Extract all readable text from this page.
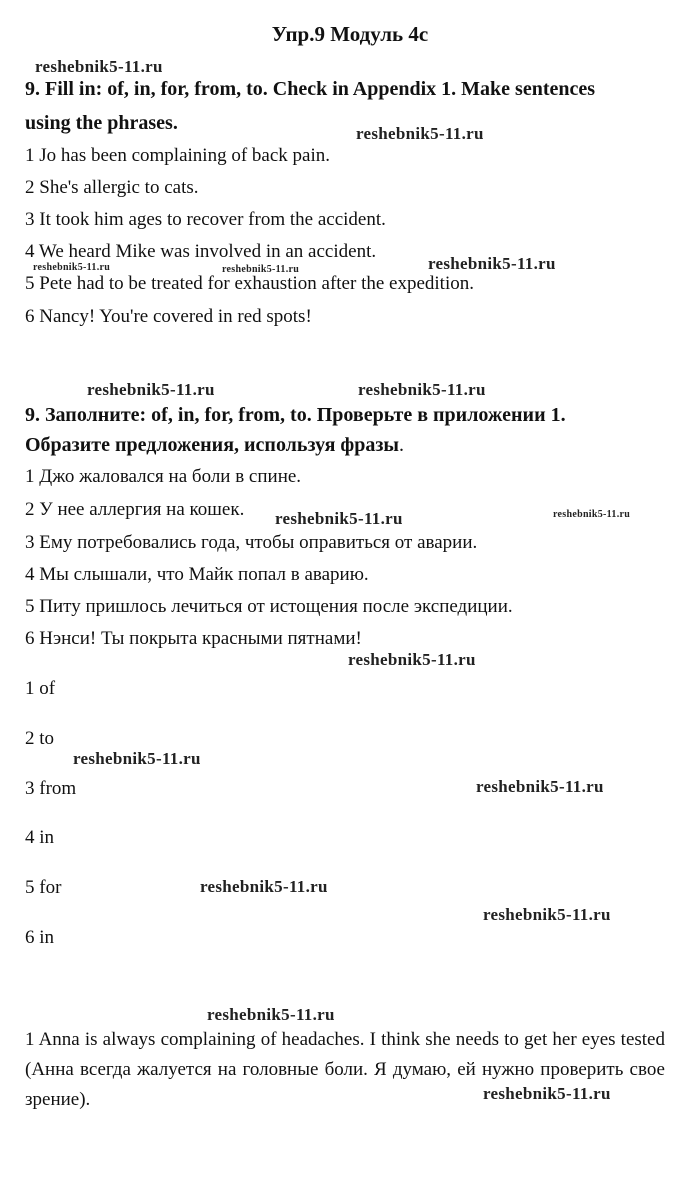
Упр.9 Модуль 4c
9. Fill in: of, in, for, from, to. Check in Appendix 1. Make sentences
using the phrases.
1 Jo has been complaining of back pain.
2 She's allergic to cats.
3 It took him ages to recover from the accident.
4 We heard Mike was involved in an accident.
5 Pete had to be treated for exhaustion after the expedition.
6 Nancy! You're covered in red spots!
9. Заполните: of, in, for, from, to. Проверьте в приложении 1.
Образите предложения, используя фразы.
1 Джо жаловался на боли в спине.
2 У нее аллергия на кошек.
3 Ему потребовались года, чтобы оправиться от аварии.
4 Мы слышали, что Майк попал в аварию.
5 Питу пришлось лечиться от истощения после экспедиции.
6 Нэнси! Ты покрыта красными пятнами!
1 of
2 to
3 from
4 in
5 for
6 in
1 Anna is always complaining of headaches. I think she needs to get her eyes tested (Анна всегда жалуется на головные боли. Я думаю, ей нужно проверить свое зрение).
reshebnik5-11.ru
reshebnik5-11.ru
reshebnik5-11.ru	reshebnik5-11.ru	reshebnik5-11.ru
reshebnik5-11.ru	reshebnik5-11.ru
reshebnik5-11.ru	reshebnik5-11.ru
reshebnik5-11.ru
reshebnik5-11.ru
reshebnik5-11.ru
reshebnik5-11.ru
reshebnik5-11.ru
reshebnik5-11.ru
reshebnik5-11.ru
